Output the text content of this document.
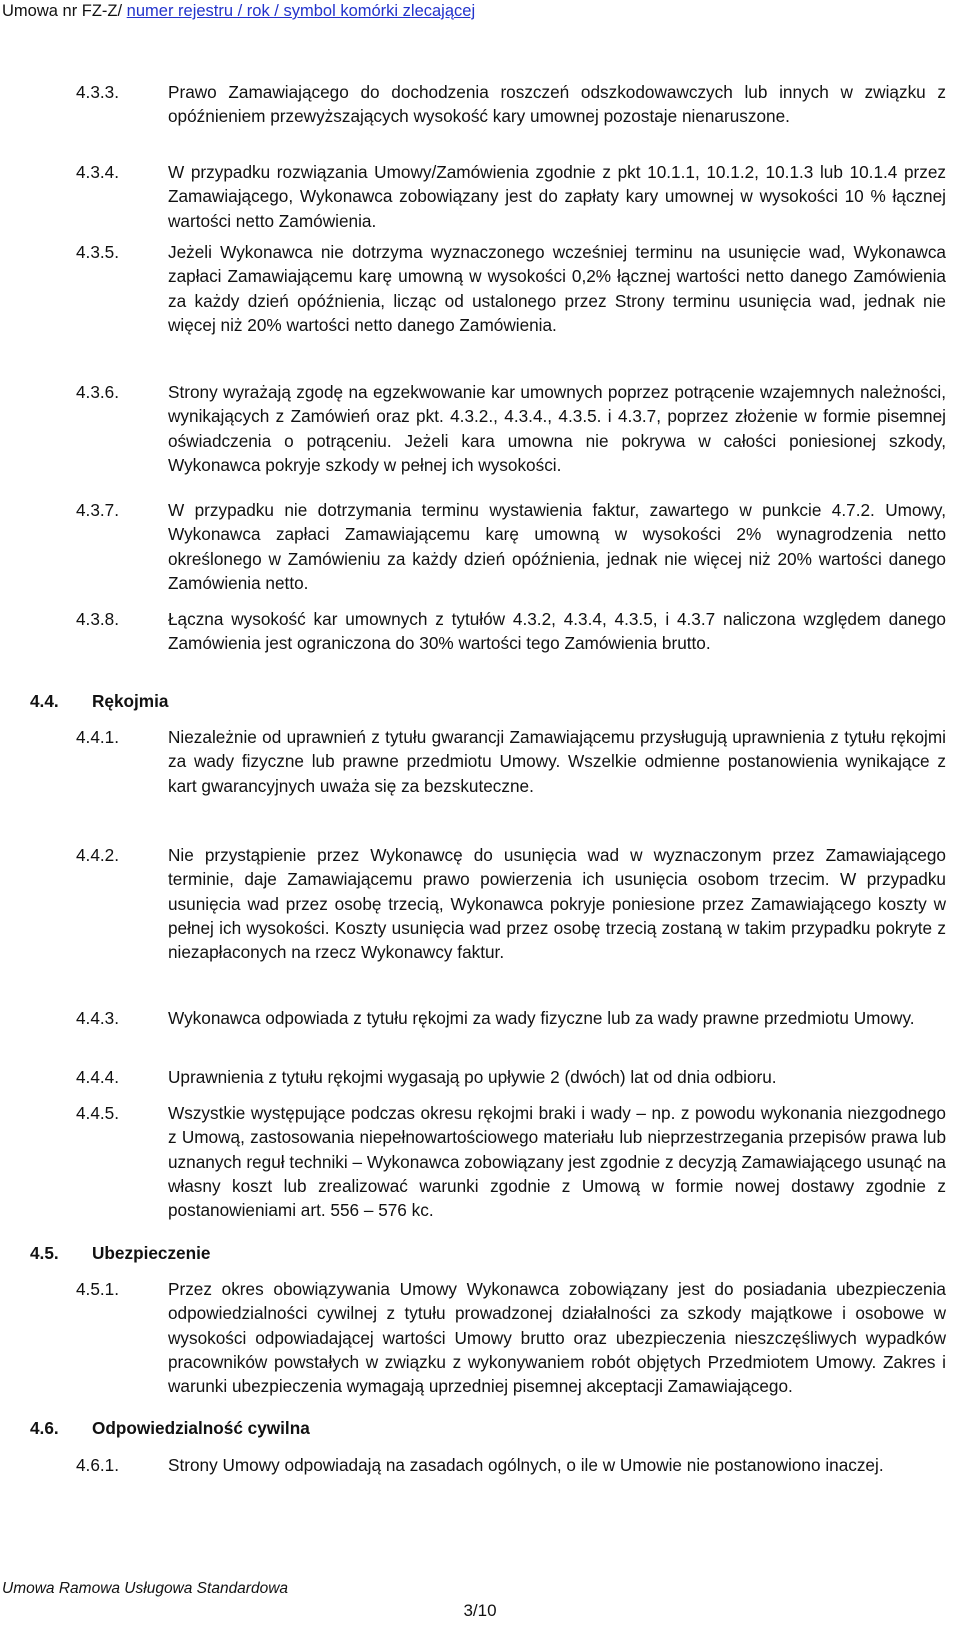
Umowa nr FZ-Z/ numer rejestru / rok / symbol komórki zlecającej
4.3.3.	Prawo Zamawiającego do dochodzenia roszczeń odszkodowawczych lub innych w związku z opóźnieniem przewyższających wysokość kary umownej pozostaje nienaruszone.
4.3.4.	W przypadku rozwiązania Umowy/Zamówienia zgodnie z pkt 10.1.1, 10.1.2, 10.1.3 lub 10.1.4 przez Zamawiającego, Wykonawca zobowiązany jest do zapłaty kary umownej w wysokości 10 % łącznej wartości netto Zamówienia.
4.3.5.	Jeżeli Wykonawca nie dotrzyma wyznaczonego wcześniej terminu na usunięcie wad, Wykonawca zapłaci Zamawiającemu karę umowną w wysokości 0,2% łącznej wartości netto danego Zamówienia za każdy dzień opóźnienia, licząc od ustalonego przez Strony terminu usunięcia wad, jednak nie więcej niż 20% wartości netto danego Zamówienia.
4.3.6.	Strony wyrażają zgodę na egzekwowanie kar umownych poprzez potrącenie wzajemnych należności, wynikających z Zamówień oraz pkt. 4.3.2., 4.3.4., 4.3.5. i 4.3.7, poprzez złożenie w formie pisemnej oświadczenia o potrąceniu. Jeżeli kara umowna nie pokrywa w całości poniesionej szkody, Wykonawca pokryje szkody w pełnej ich wysokości.
4.3.7.	W przypadku nie dotrzymania terminu wystawienia faktur, zawartego w punkcie 4.7.2. Umowy, Wykonawca zapłaci Zamawiającemu karę umowną w wysokości 2% wynagrodzenia netto określonego w Zamówieniu za każdy dzień opóźnienia, jednak nie więcej niż 20% wartości danego Zamówienia netto.
4.3.8.	Łączna wysokość kar umownych z tytułów 4.3.2, 4.3.4, 4.3.5, i 4.3.7 naliczona względem danego Zamówienia jest ograniczona do 30% wartości tego Zamówienia brutto.
4.4.	Rękojmia
4.4.1.	Niezależnie od uprawnień z tytułu gwarancji Zamawiającemu przysługują uprawnienia z tytułu rękojmi za wady fizyczne lub prawne przedmiotu Umowy. Wszelkie odmienne postanowienia wynikające z kart gwarancyjnych uważa się za bezskuteczne.
4.4.2.	Nie przystąpienie przez Wykonawcę do usunięcia wad w wyznaczonym przez Zamawiającego terminie, daje Zamawiającemu prawo powierzenia ich usunięcia osobom trzecim. W przypadku usunięcia wad przez osobę trzecią, Wykonawca pokryje poniesione przez Zamawiającego koszty w pełnej ich wysokości. Koszty usunięcia wad przez osobę trzecią zostaną w takim przypadku pokryte z niezapłaconych na rzecz Wykonawcy faktur.
4.4.3.	Wykonawca odpowiada z tytułu rękojmi za wady fizyczne lub za wady prawne przedmiotu Umowy.
4.4.4.	Uprawnienia z tytułu rękojmi wygasają po upływie 2 (dwóch) lat od dnia odbioru.
4.4.5.	Wszystkie występujące podczas okresu rękojmi braki i wady – np. z powodu wykonania niezgodnego z Umową, zastosowania niepełnowartościowego materiału lub nieprzestrzegania przepisów prawa lub uznanych reguł techniki – Wykonawca zobowiązany jest zgodnie z decyzją Zamawiającego usunąć na własny koszt lub zrealizować warunki zgodnie z Umową w formie nowej dostawy zgodnie z postanowieniami art. 556 – 576 kc.
4.5.	Ubezpieczenie
4.5.1.	Przez okres obowiązywania Umowy Wykonawca zobowiązany jest do posiadania ubezpieczenia odpowiedzialności cywilnej z tytułu prowadzonej działalności za szkody majątkowe i osobowe w wysokości odpowiadającej wartości Umowy brutto oraz ubezpieczenia nieszczęśliwych wypadków pracowników powstałych w związku z wykonywaniem robót objętych Przedmiotem Umowy. Zakres i warunki ubezpieczenia wymagają uprzedniej pisemnej akceptacji Zamawiającego.
4.6.	Odpowiedzialność cywilna
4.6.1.	Strony Umowy odpowiadają na zasadach ogólnych, o ile w Umowie nie postanowiono inaczej.
Umowa Ramowa Usługowa Standardowa
3/10
